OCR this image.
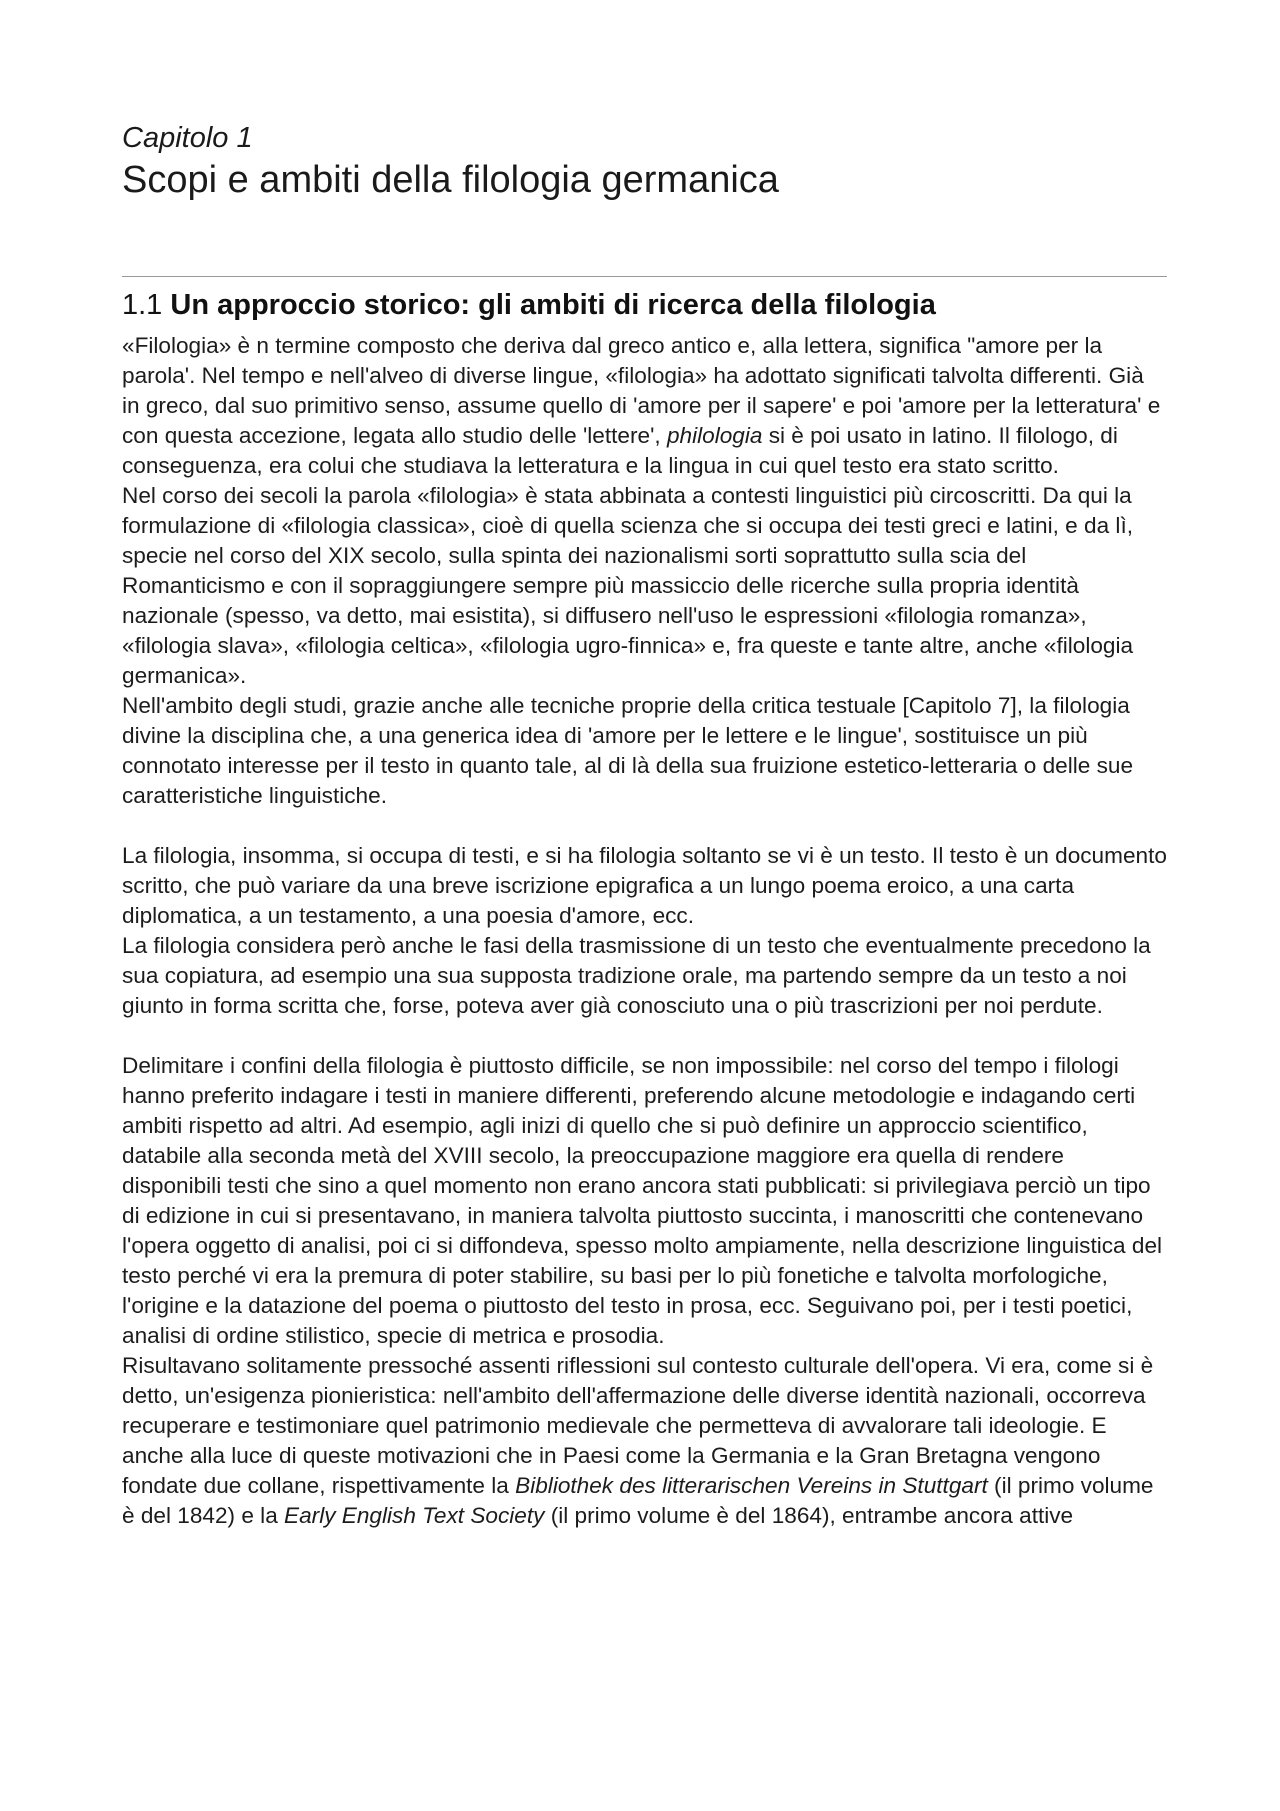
Capitolo 1

Scopi e ambiti della filologia germanica
1.1 Un approccio storico: gli ambiti di ricerca della filologia

«Filologia» è n termine composto che deriva dal greco antico e, alla lettera, significa "amore per la parola'. Nel tempo e nell'alveo di diverse lingue, «filologia» ha adottato significati talvolta differenti. Già in greco, dal suo primitivo senso, assume quello di 'amore per il sapere' e poi 'amore per la letteratura' e con questa accezione, legata allo studio delle 'lettere', philologia si è poi usato in latino. Il filologo, di conseguenza, era colui che studiava la letteratura e la lingua in cui quel testo era stato scritto.

Nel corso dei secoli la parola «filologia» è stata abbinata a contesti linguistici più circoscritti. Da qui la formulazione di «filologia classica», cioè di quella scienza che si occupa dei testi greci e latini, e da lì, specie nel corso del XIX secolo, sulla spinta dei nazionalismi sorti soprattutto sulla scia del Romanticismo e con il sopraggiungere sempre più massiccio delle ricerche sulla propria identità nazionale (spesso, va detto, mai esistita), si diffusero nell'uso le espressioni «filologia romanza», «filologia slava», «filologia celtica», «filologia ugro-finnica» e, fra queste e tante altre, anche «filologia germanica».

Nell'ambito degli studi, grazie anche alle tecniche proprie della critica testuale [Capitolo 7], la filologia divine la disciplina che, a una generica idea di 'amore per le lettere e le lingue', sostituisce un più connotato interesse per il testo in quanto tale, al di là della sua fruizione estetico-letteraria o delle sue caratteristiche linguistiche.

La filologia, insomma, si occupa di testi, e si ha filologia soltanto se vi è un testo. Il testo è un documento scritto, che può variare da una breve iscrizione epigrafica a un lungo poema eroico, a una carta diplomatica, a un testamento, a una poesia d'amore, ecc.

La filologia considera però anche le fasi della trasmissione di un testo che eventualmente precedono la sua copiatura, ad esempio una sua supposta tradizione orale, ma partendo sempre da un testo a noi giunto in forma scritta che, forse, poteva aver già conosciuto una o più trascrizioni per noi perdute.

Delimitare i confini della filologia è piuttosto difficile, se non impossibile: nel corso del tempo i filologi hanno preferito indagare i testi in maniere differenti, preferendo alcune metodologie e indagando certi ambiti rispetto ad altri. Ad esempio, agli inizi di quello che si può definire un approccio scientifico, databile alla seconda metà del XVIII secolo, la preoccupazione maggiore era quella di rendere disponibili testi che sino a quel momento non erano ancora stati pubblicati: si privilegiava perciò un tipo di edizione in cui si presentavano, in maniera talvolta piuttosto succinta, i manoscritti che contenevano l'opera oggetto di analisi, poi ci si diffondeva, spesso molto ampiamente, nella descrizione linguistica del testo perché vi era la premura di poter stabilire, su basi per lo più fonetiche e talvolta morfologiche, l'origine e la datazione del poema o piuttosto del testo in prosa, ecc. Seguivano poi, per i testi poetici, analisi di ordine stilistico, specie di metrica e prosodia.

Risultavano solitamente pressoché assenti riflessioni sul contesto culturale dell'opera. Vi era, come si è detto, un'esigenza pionieristica: nell'ambito dell'affermazione delle diverse identità nazionali, occorreva recuperare e testimoniare quel patrimonio medievale che permetteva di avvalorare tali ideologie. E anche alla luce di queste motivazioni che in Paesi come la Germania e la Gran Bretagna vengono fondate due collane, rispettivamente la Bibliothek des litterarischen Vereins in Stuttgart (il primo volume è del 1842) e la Early English Text Society (il primo volume è del 1864), entrambe ancora attive
